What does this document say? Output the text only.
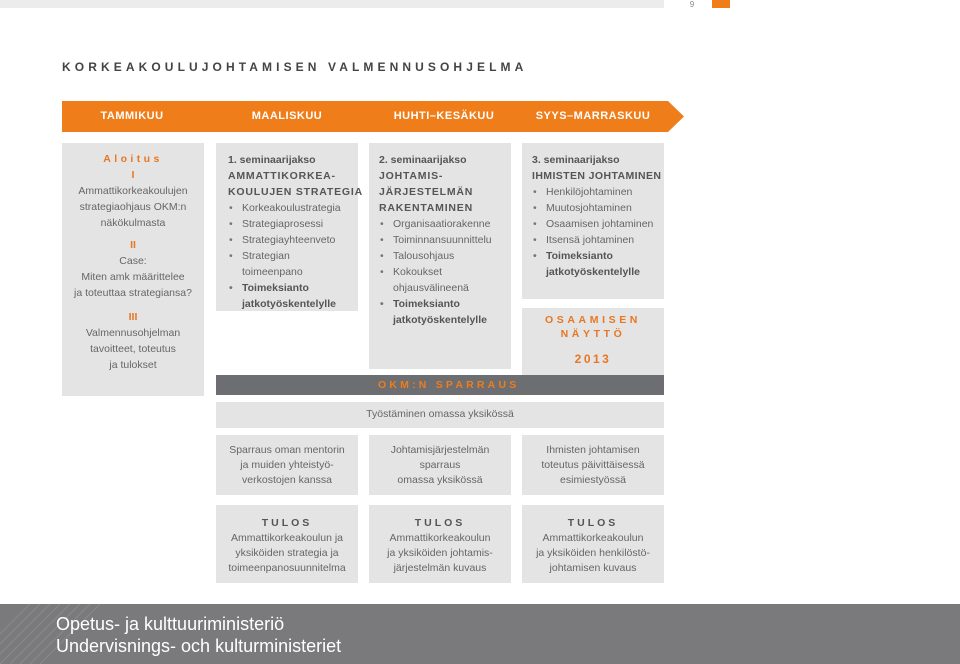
9
KORKEAKOULUJOHTAMISEN VALMENNUSOHJELMA
TAMMIKUU	MAALISKUU	HUHTI–KESÄKUU	SYYS–MARRASKUU
Aloitus
I
Ammattikorkeakoulujen
strategiaohjaus OKM:n
näkökulmasta
II
Case:
Miten amk määrittelee
ja toteuttaa strategiansa?
III
Valmennusohjelman
tavoitteet, toteutus
ja tulokset
1. seminaarijakso
AMMATTIKORKEA-
KOULUJEN STRATEGIA
• Korkeakoulustrategia
• Strategiaprosessi
• Strategiayhteenveto
• Strategian
toimeenpano
• Toimeksianto
jatkotyöskentelylle
2. seminaarijakso
JOHTAMIS-
JÄRJESTELMÄN
RAKENTAMINEN
• Organisaatiorakenne
• Toiminnansuunnittelu
• Talousohjaus
• Kokoukset
ohjausvälineenä
• Toimeksianto
jatkotyöskentelylle
3. seminaarijakso
IHMISTEN JOHTAMINEN
• Henkilöjohtaminen
• Muutosjohtaminen
• Osaamisen johtaminen
• Itsensä johtaminen
• Toimeksianto
jatkotyöskentelylle
OSAAMISEN
NÄYTTÖ
2013
OKM:N SPARRAUS
Työstäminen omassa yksikössä
Sparraus oman mentorin
ja muiden yhteistyö-
verkostojen kanssa
Johtamisjärjestelmän
sparraus
omassa yksikössä
Ihmisten johtamisen
toteutus päivittäisessä
esimiestyössä
TULOS
Ammattikorkeakoulun ja
yksiköiden strategia ja
toimeenpanosuunnitelma
TULOS
Ammattikorkeakoulun
ja yksiköiden johtamis-
järjestelmän kuvaus
TULOS
Ammattikorkeakoulun
ja yksiköiden henkilöstö-
johtamisen kuvaus
Opetus- ja kulttuuriministeriö
Undervisnings- och kulturministeriet
